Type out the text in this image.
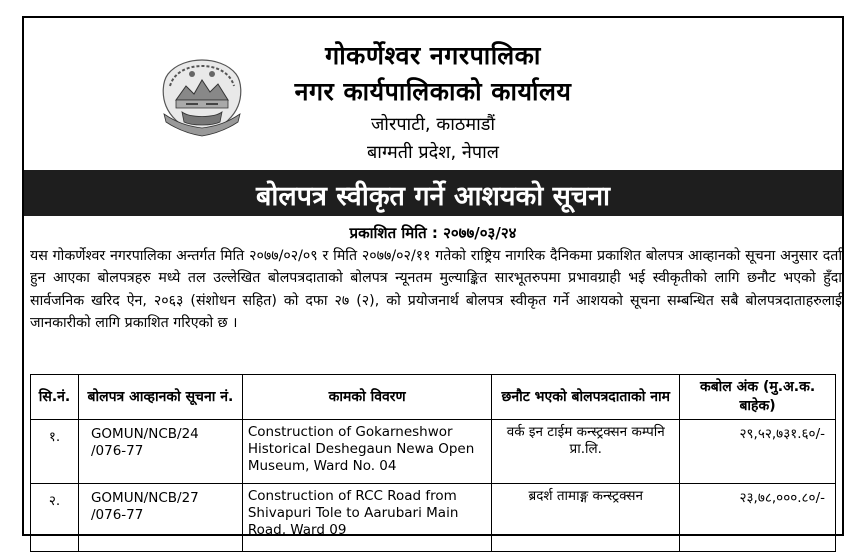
गोकर्णेश्वर नगरपालिका
नगर कार्यपालिकाको कार्यालय
जोरपाटी, काठमाडौं
बाग्मती प्रदेश, नेपाल
बोलपत्र स्वीकृत गर्ने आशयको सूचना
प्रकाशित मिति : २०७७/०३/२४
यस गोकर्णेश्वर नगरपालिका अन्तर्गत मिति २०७७/०२/०९ र मिति २०७७/०२/११ गतेको राष्ट्रिय नागरिक दैनिकमा प्रकाशित बोलपत्र आव्हानको सूचना अनुसार दर्ता हुन आएका बोलपत्रहरु मध्ये तल उल्लेखित बोलपत्रदाताको बोलपत्र न्यूनतम मुल्याङ्कित सारभूतरुपमा प्रभावग्राही भई स्वीकृतीको लागि छनौट भएको हुँदा सार्वजनिक खरिद ऐन, २०६३ (संशोधन सहित) को दफा २७ (२), को प्रयोजनार्थ बोलपत्र स्वीकृत गर्ने आशयको सूचना सम्बन्धित सबै बोलपत्रदाताहरुलाई जानकारीको लागि प्रकाशित गरिएको छ ।
सि.नं.	बोलपत्र आव्हानको सूचना नं.	कामको विवरण	छनौट भएको बोलपत्रदाताको नाम	कबोल अंक (मु.अ.क. बाहेक)
१.	GOMUN/NCB/24 /076-77	Construction of Gokarneshwor Historical Deshegaun Newa Open Museum, Ward No. 04	वर्क इन टाईम कन्स्ट्रक्सन कम्पनि प्रा.लि.	२९,५२,७३१.६०/-
२.	GOMUN/NCB/27 /076-77	Construction of RCC Road from Shivapuri Tole to Aarubari Main Road, Ward 09	ब्रदर्श तामाङ्ग कन्स्ट्रक्सन	२३,७८,०००.८०/-
